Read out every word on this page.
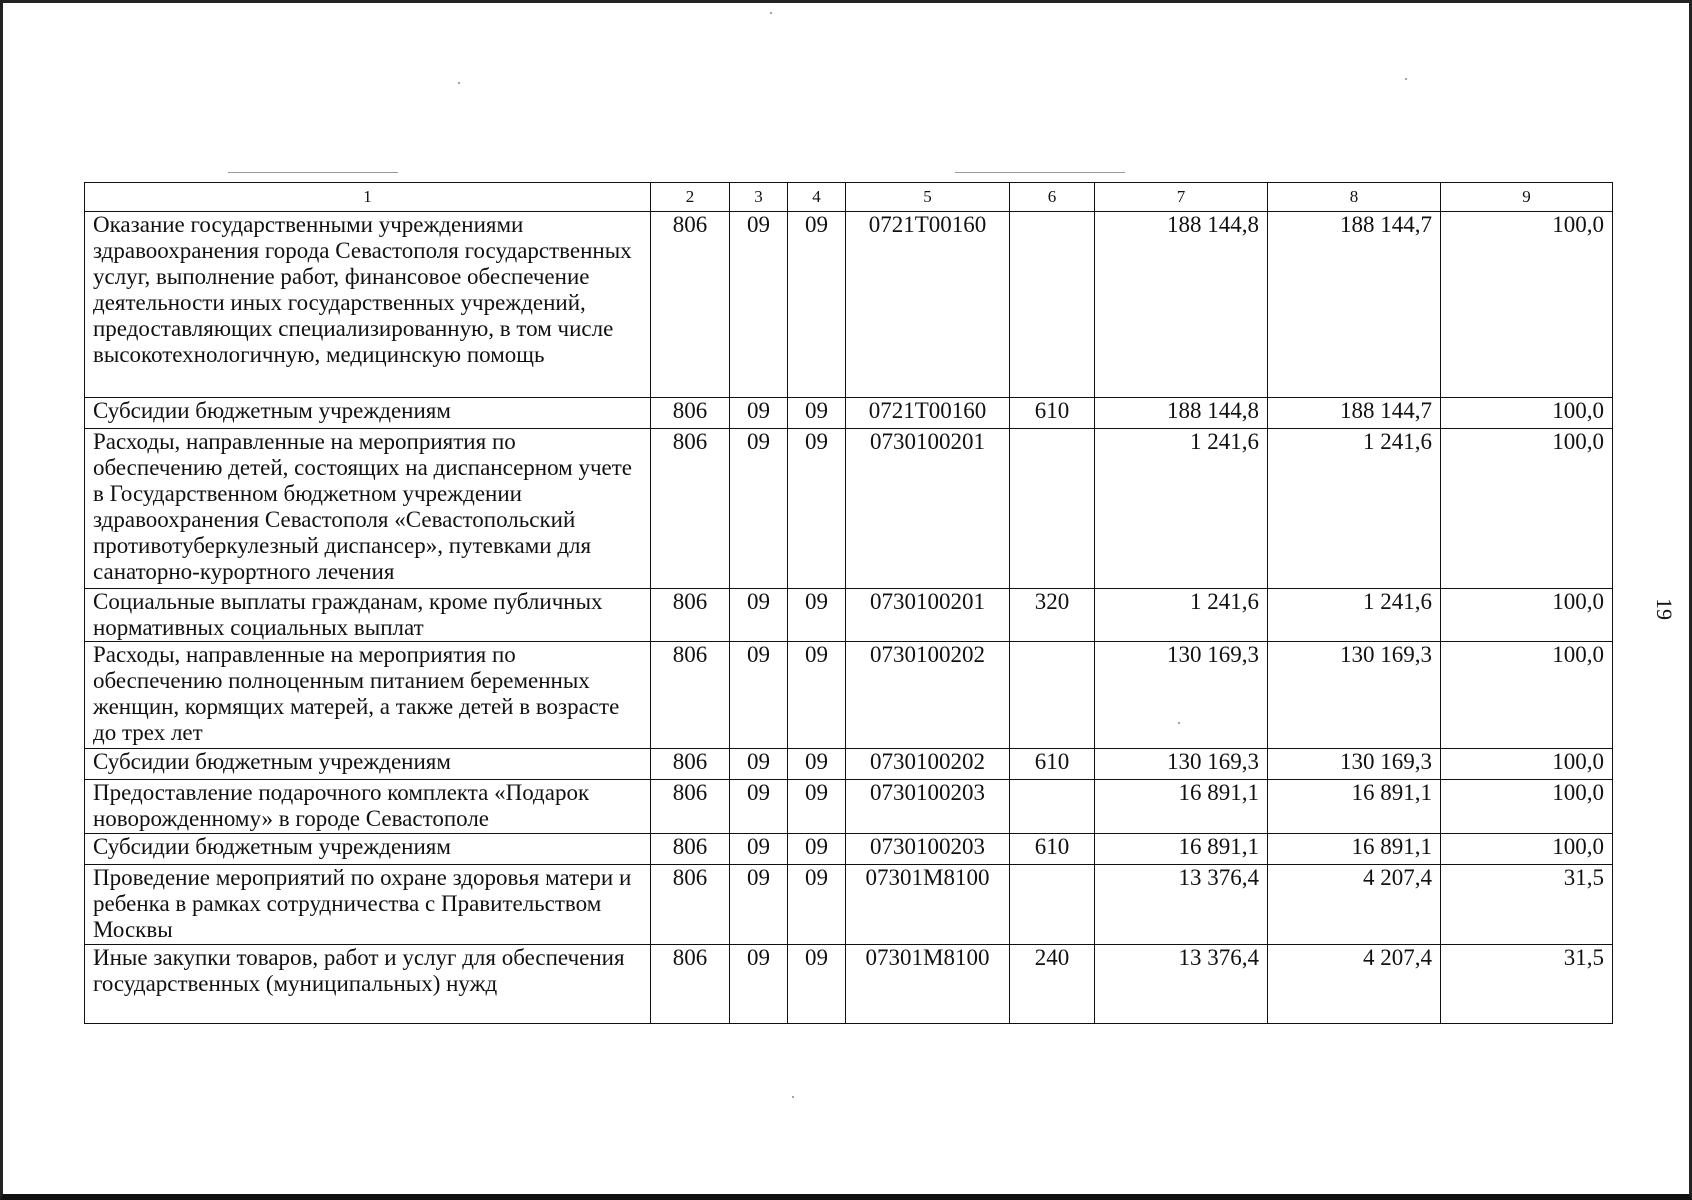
1	2	3	4	5	6	7	8	9
Оказание государственными учреждениями здравоохранения города Севастополя государственных услуг, выполнение работ, финансовое обеспечение деятельности иных государственных учреждений, предоставляющих специализированную, в том числе высокотехнологичную, медицинскую помощь	806	09	09	0721Т00160		188 144,8	188 144,7	100,0
Субсидии бюджетным учреждениям	806	09	09	0721Т00160	610	188 144,8	188 144,7	100,0
Расходы, направленные на мероприятия по обеспечению детей, состоящих на диспансерном учете в Государственном бюджетном учреждении здравоохранения Севастополя «Севастопольский противотуберкулезный диспансер», путевками для санаторно-курортного лечения	806	09	09	0730100201		1 241,6	1 241,6	100,0
Социальные выплаты гражданам, кроме публичных нормативных социальных выплат	806	09	09	0730100201	320	1 241,6	1 241,6	100,0
Расходы, направленные на мероприятия по обеспечению полноценным питанием беременных женщин, кормящих матерей, а также детей в возрасте до трех лет	806	09	09	0730100202		130 169,3	130 169,3	100,0
Субсидии бюджетным учреждениям	806	09	09	0730100202	610	130 169,3	130 169,3	100,0
Предоставление подарочного комплекта «Подарок новорожденному» в городе Севастополе	806	09	09	0730100203		16 891,1	16 891,1	100,0
Субсидии бюджетным учреждениям	806	09	09	0730100203	610	16 891,1	16 891,1	100,0
Проведение мероприятий по охране здоровья матери и ребенка в рамках сотрудничества с Правительством Москвы	806	09	09	07301М8100		13 376,4	4 207,4	31,5
Иные закупки товаров, работ и услуг для обеспечения государственных (муниципальных) нужд	806	09	09	07301М8100	240	13 376,4	4 207,4	31,5
19
